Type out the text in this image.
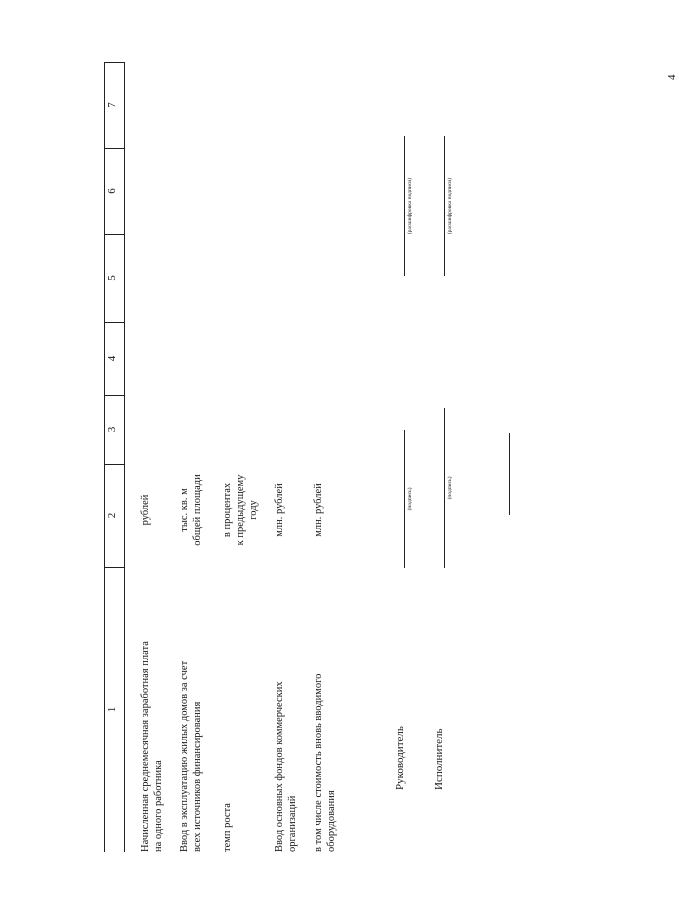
4
1
2
3
4
5
6
7
Начисленная среднемесячная заработная плата на одного работника
рублей
Ввод в эксплуатацию жилых домов за счет всех источников финансирования
тыс. кв. м общей площади
темп роста
в процентах к предыдущему году
Ввод основных фондов коммерческих организаций
млн. рублей
в том числе стоимость вновь вводимого оборудования
млн. рублей
Руководитель
(подпись)
(расшифровка подписи)
Исполнитель
(подпись)
(расшифровка подписи)
